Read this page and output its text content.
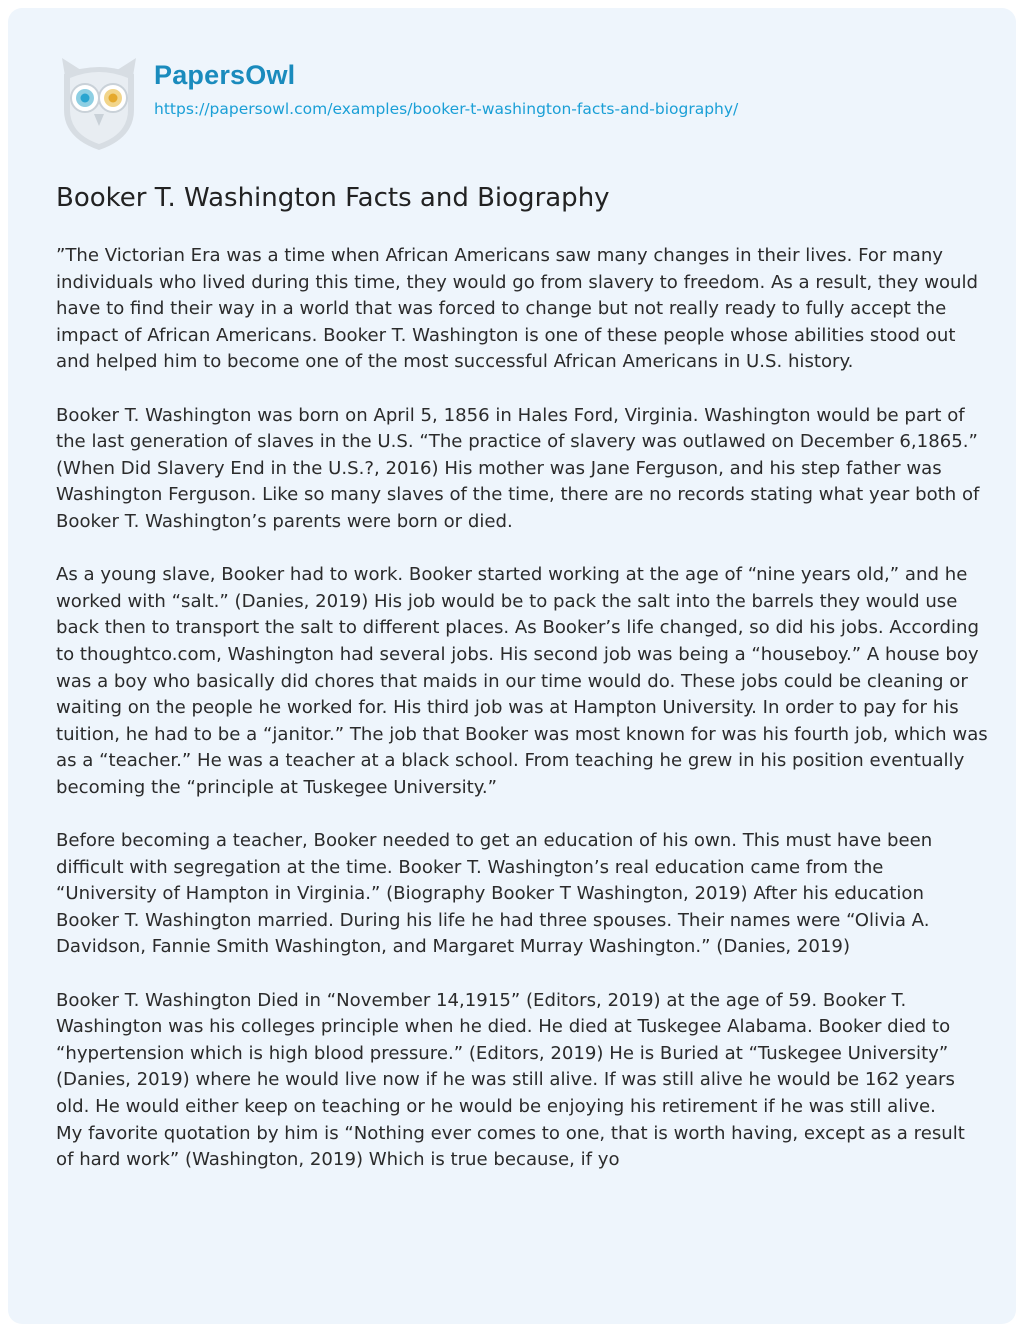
PapersOwl
https://papersowl.com/examples/booker-t-washington-facts-and-biography/
Booker T. Washington Facts and Biography

”The Victorian Era was a time when African Americans saw many changes in their lives. For many individuals who lived during this time, they would go from slavery to freedom. As a result, they would have to find their way in a world that was forced to change but not really ready to fully accept the impact of African Americans. Booker T. Washington is one of these people whose abilities stood out and helped him to become one of the most successful African Americans in U.S. history.

Booker T. Washington was born on April 5, 1856 in Hales Ford, Virginia. Washington would be part of the last generation of slaves in the U.S. “The practice of slavery was outlawed on December 6,1865.” (When Did Slavery End in the U.S.?, 2016) His mother was Jane Ferguson, and his step father was Washington Ferguson. Like so many slaves of the time, there are no records stating what year both of Booker T. Washington’s parents were born or died.

As a young slave, Booker had to work. Booker started working at the age of “nine years old,” and he worked with “salt.” (Danies, 2019) His job would be to pack the salt into the barrels they would use back then to transport the salt to different places. As Booker’s life changed, so did his jobs. According to thoughtco.com, Washington had several jobs. His second job was being a “houseboy.” A house boy was a boy who basically did chores that maids in our time would do. These jobs could be cleaning or waiting on the people he worked for. His third job was at Hampton University. In order to pay for his tuition, he had to be a “janitor.” The job that Booker was most known for was his fourth job, which was as a “teacher.” He was a teacher at a black school. From teaching he grew in his position eventually becoming the “principle at Tuskegee University.”

Before becoming a teacher, Booker needed to get an education of his own. This must have been difficult with segregation at the time. Booker T. Washington’s real education came from the “University of Hampton in Virginia.” (Biography Booker T Washington, 2019) After his education Booker T. Washington married. During his life he had three spouses. Their names were “Olivia A. Davidson, Fannie Smith Washington, and Margaret Murray Washington.” (Danies, 2019)

Booker T. Washington Died in “November 14,1915” (Editors, 2019) at the age of 59. Booker T. Washington was his colleges principle when he died. He died at Tuskegee Alabama. Booker died to “hypertension which is high blood pressure.” (Editors, 2019) He is Buried at “Tuskegee University” (Danies, 2019) where he would live now if he was still alive. If was still alive he would be 162 years old. He would either keep on teaching or he would be enjoying his retirement if he was still alive.

My favorite quotation by him is “Nothing ever comes to one, that is worth having, except as a result of hard work” (Washington, 2019) Which is true because, if yo
